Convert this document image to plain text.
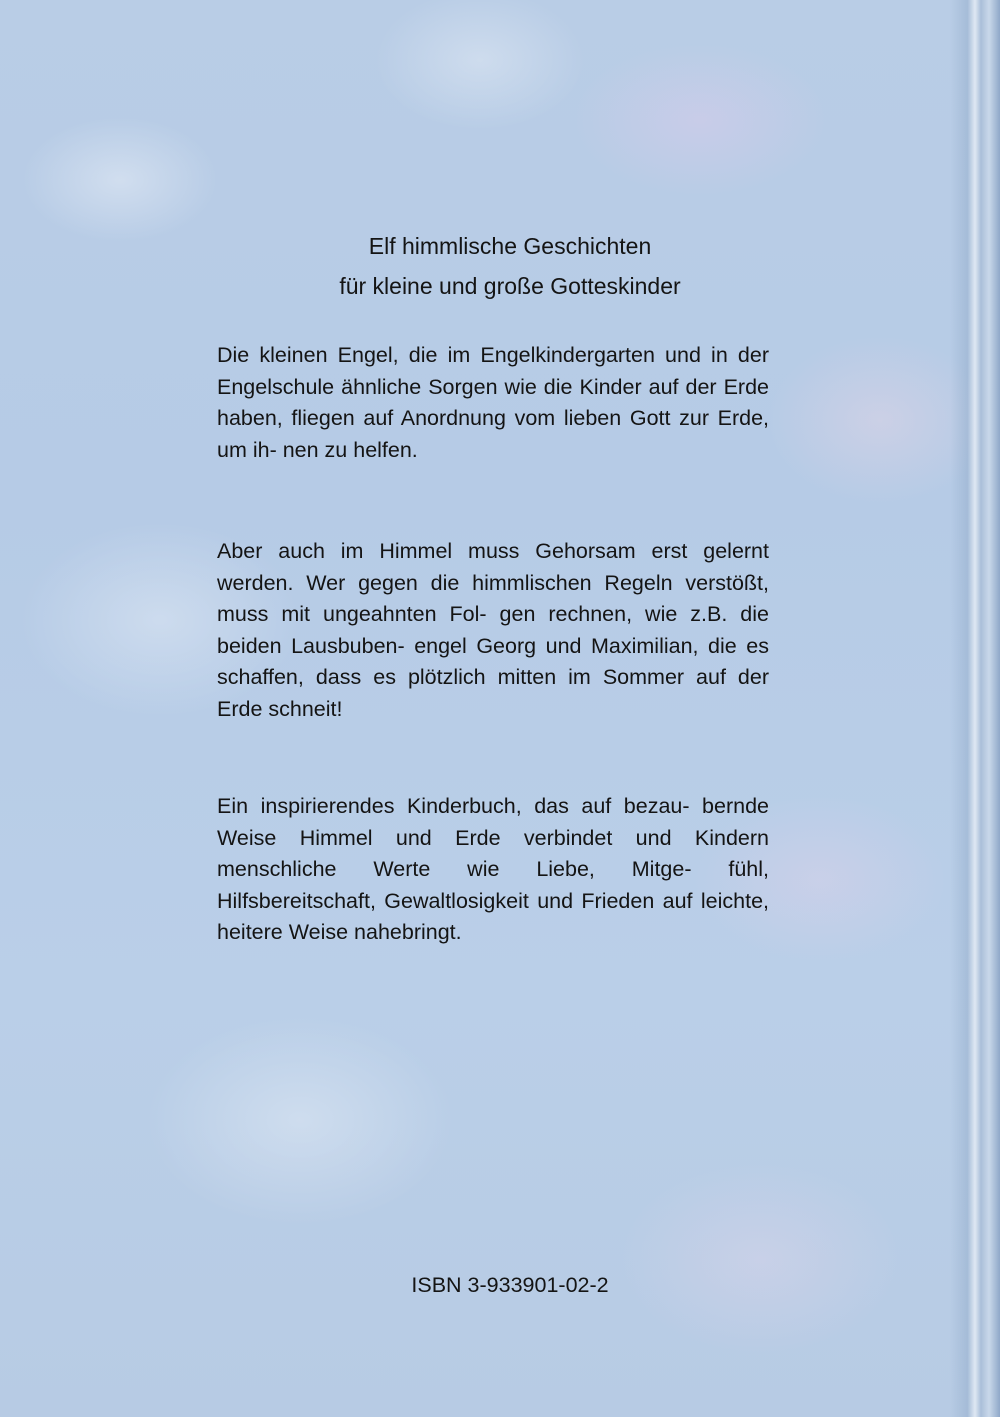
Elf himmlische Geschichten
für kleine und große Gotteskinder

Die kleinen Engel, die im Engelkindergarten und in der Engelschule ähnliche Sorgen wie die Kinder auf der Erde haben, fliegen auf Anordnung vom lieben Gott zur Erde, um ih- nen zu helfen.

Aber auch im Himmel muss Gehorsam erst gelernt werden. Wer gegen die himmlischen Regeln verstößt, muss mit ungeahnten Fol- gen rechnen, wie z.B. die beiden Lausbuben- engel Georg und Maximilian, die es schaffen, dass es plötzlich mitten im Sommer auf der Erde schneit!

Ein inspirierendes Kinderbuch, das auf bezau- bernde Weise Himmel und Erde verbindet und Kindern menschliche Werte wie Liebe, Mitge- fühl, Hilfsbereitschaft, Gewaltlosigkeit und Frieden auf leichte, heitere Weise nahebringt.

ISBN 3-933901-02-2
